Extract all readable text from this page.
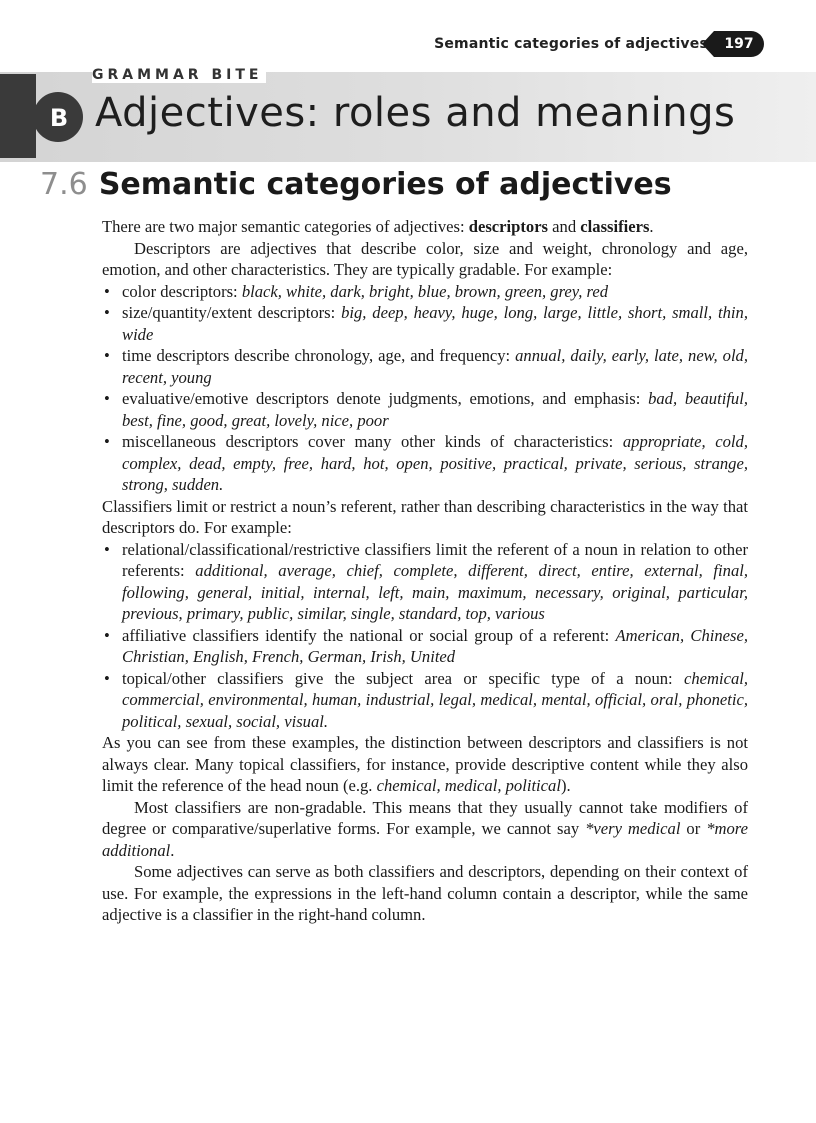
Semantic categories of adjectives	197
B
GRAMMAR BITE
Adjectives: roles and meanings
7.6 Semantic categories of adjectives

There are two major semantic categories of adjectives: descriptors and classifiers.

Descriptors are adjectives that describe color, size and weight, chronology and age, emotion, and other characteristics. They are typically gradable. For example:

• color descriptors: black, white, dark, bright, blue, brown, green, grey, red
• size/quantity/extent descriptors: big, deep, heavy, huge, long, large, little, short, small, thin, wide
• time descriptors describe chronology, age, and frequency: annual, daily, early, late, new, old, recent, young
• evaluative/emotive descriptors denote judgments, emotions, and emphasis: bad, beautiful, best, fine, good, great, lovely, nice, poor
• miscellaneous descriptors cover many other kinds of characteristics: appropriate, cold, complex, dead, empty, free, hard, hot, open, positive, practical, private, serious, strange, strong, sudden.

Classifiers limit or restrict a noun’s referent, rather than describing characteristics in the way that descriptors do. For example:

• relational/classificational/restrictive classifiers limit the referent of a noun in relation to other referents: additional, average, chief, complete, different, direct, entire, external, final, following, general, initial, internal, left, main, maximum, necessary, original, particular, previous, primary, public, similar, single, standard, top, various
• affiliative classifiers identify the national or social group of a referent: American, Chinese, Christian, English, French, German, Irish, United
• topical/other classifiers give the subject area or specific type of a noun: chemical, commercial, environmental, human, industrial, legal, medical, mental, official, oral, phonetic, political, sexual, social, visual.

As you can see from these examples, the distinction between descriptors and classifiers is not always clear. Many topical classifiers, for instance, provide descriptive content while they also limit the reference of the head noun (e.g. chemical, medical, political).

Most classifiers are non-gradable. This means that they usually cannot take modifiers of degree or comparative/superlative forms. For example, we cannot say *very medical or *more additional.

Some adjectives can serve as both classifiers and descriptors, depending on their context of use. For example, the expressions in the left-hand column contain a descriptor, while the same adjective is a classifier in the right-hand column.
